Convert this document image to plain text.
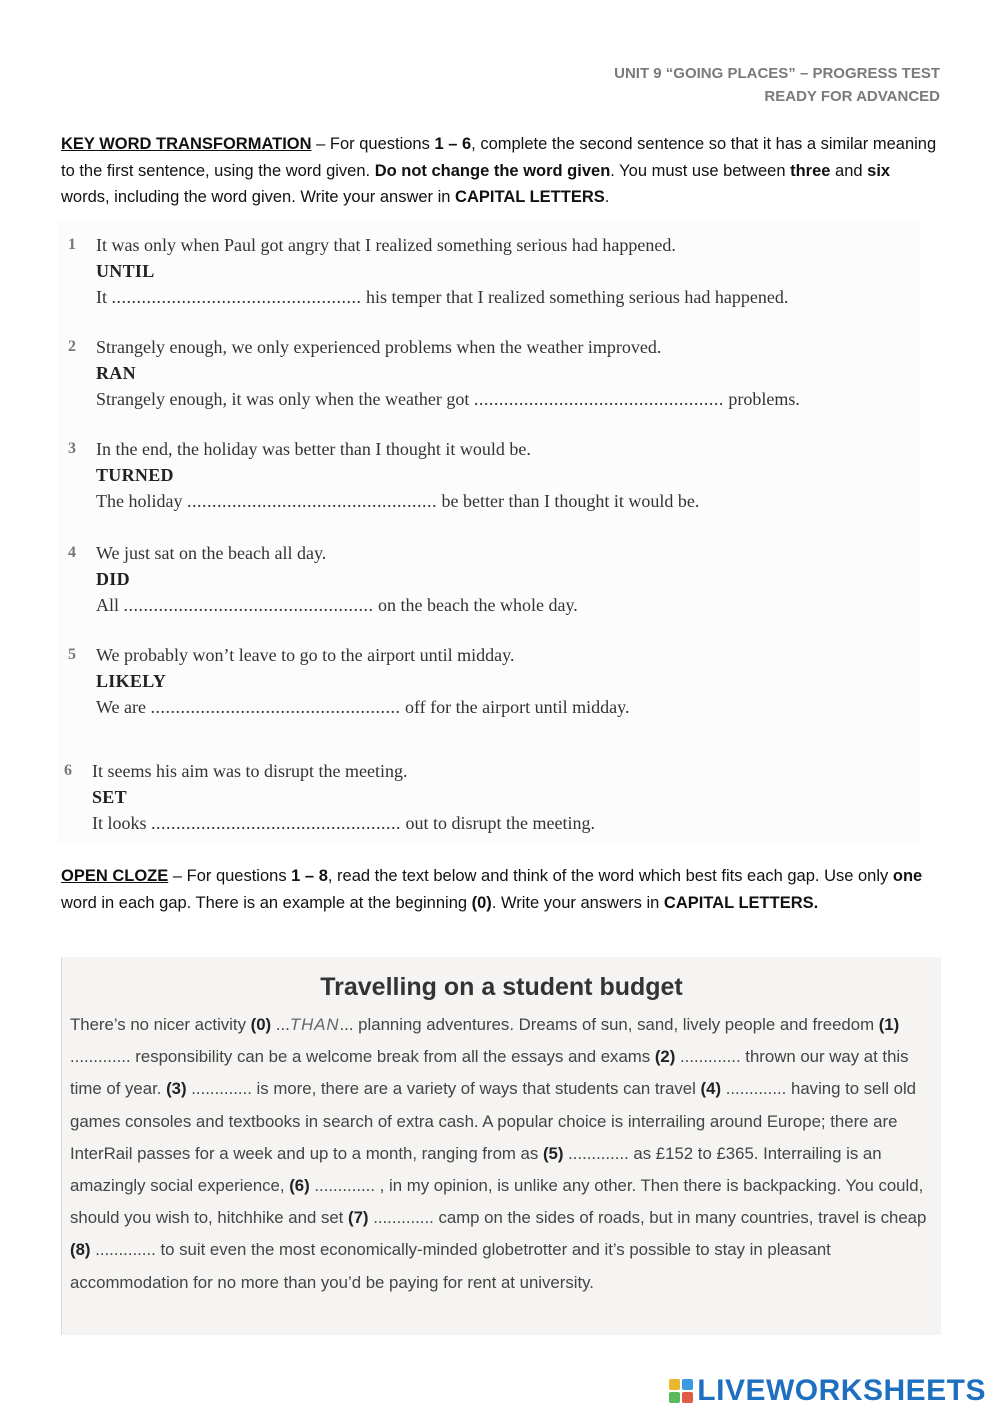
UNIT 9 “GOING PLACES” – PROGRESS TEST
READY FOR ADVANCED
KEY WORD TRANSFORMATION – For questions 1 – 6, complete the second sentence so that it has a similar meaning to the first sentence, using the word given. Do not change the word given. You must use between three and six words, including the word given. Write your answer in CAPITAL LETTERS.
1	It was only when Paul got angry that I realized something serious had happened.
UNTIL
It .................................................. his temper that I realized something serious had happened.
2	Strangely enough, we only experienced problems when the weather improved.
RAN
Strangely enough, it was only when the weather got .................................................. problems.
3	In the end, the holiday was better than I thought it would be.
TURNED
The holiday .................................................. be better than I thought it would be.
4	We just sat on the beach all day.
DID
All .................................................. on the beach the whole day.
5	We probably won’t leave to go to the airport until midday.
LIKELY
We are .................................................. off for the airport until midday.
6	It seems his aim was to disrupt the meeting.
SET
It looks .................................................. out to disrupt the meeting.
OPEN CLOZE – For questions 1 – 8, read the text below and think of the word which best fits each gap. Use only one word in each gap. There is an example at the beginning (0). Write your answers in CAPITAL LETTERS.
Travelling on a student budget
There’s no nicer activity (0) ...THAN... planning adventures. Dreams of sun, sand, lively people and freedom (1) ............. responsibility can be a welcome break from all the essays and exams (2) ............. thrown our way at this time of year. (3) ............. is more, there are a variety of ways that students can travel (4) ............. having to sell old games consoles and textbooks in search of extra cash. A popular choice is interrailing around Europe; there are InterRail passes for a week and up to a month, ranging from as (5) ............. as £152 to £365. Interrailing is an amazingly social experience, (6) ............. , in my opinion, is unlike any other. Then there is backpacking. You could, should you wish to, hitchhike and set (7) ............. camp on the sides of roads, but in many countries, travel is cheap (8) ............. to suit even the most economically-minded globetrotter and it’s possible to stay in pleasant accommodation for no more than you’d be paying for rent at university.
LIVEWORKSHEETS
